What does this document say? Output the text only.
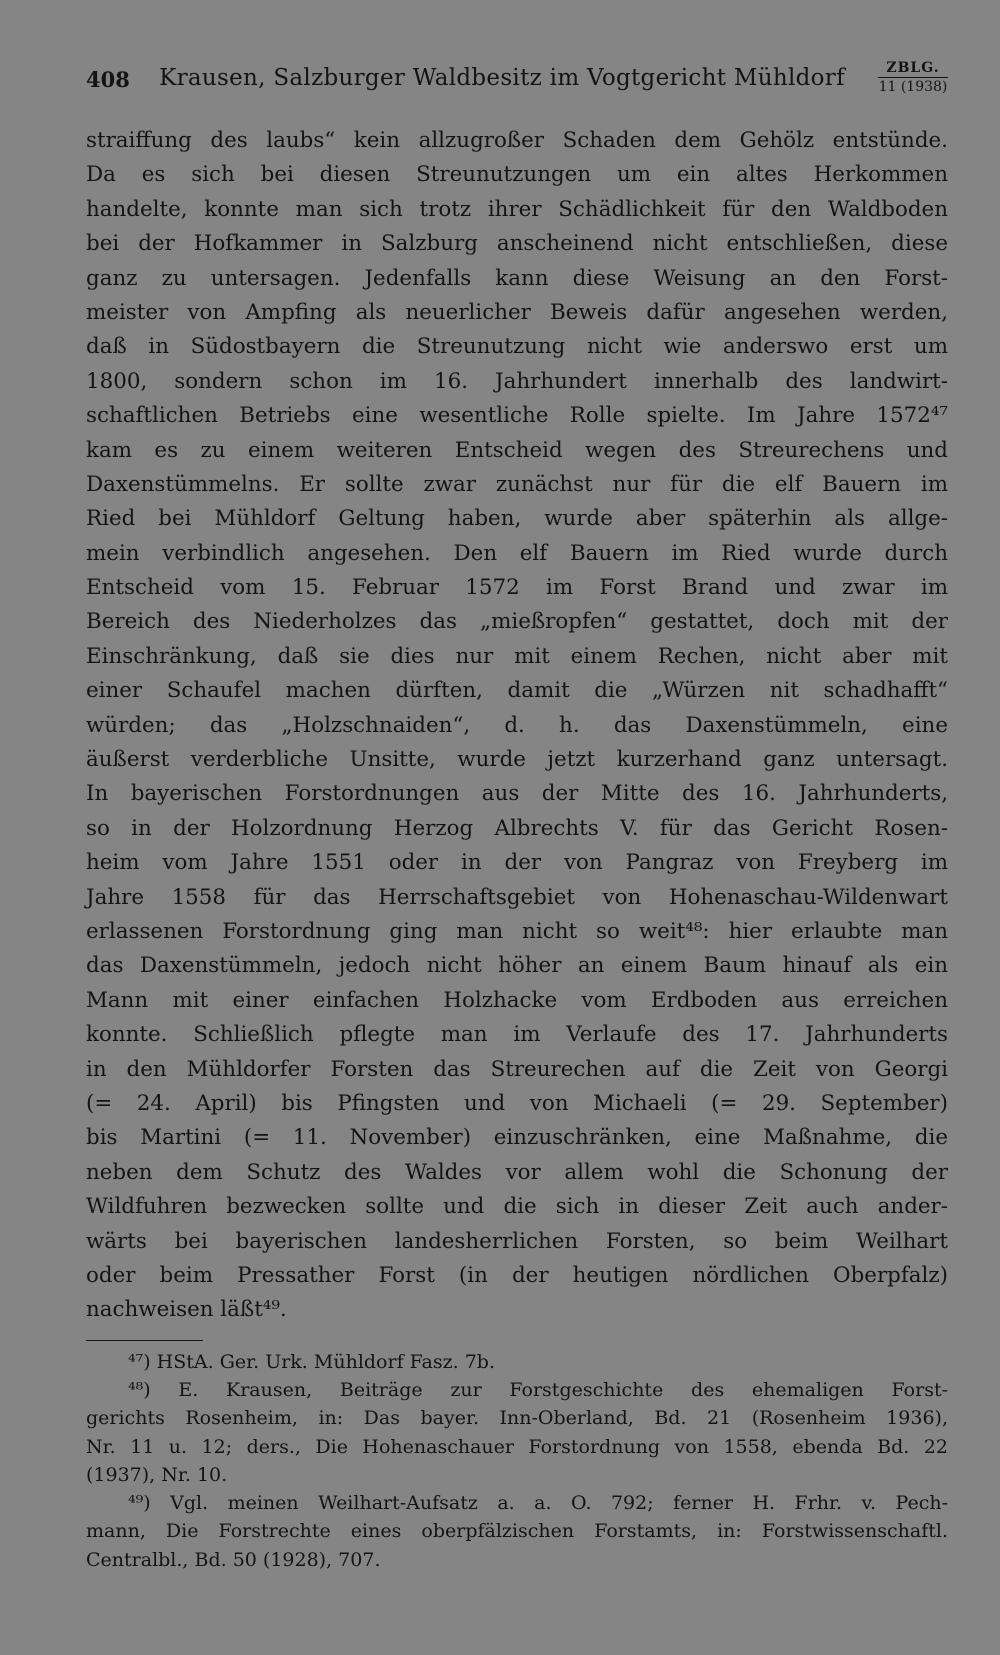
408	Krausen, Salzburger Waldbesitz im Vogtgericht Mühldorf	ZBLG.
11 (1938)
straiffung des laubs“ kein allzugroßer Schaden dem Gehölz entstünde.
Da es sich bei diesen Streunutzungen um ein altes Herkommen
handelte, konnte man sich trotz ihrer Schädlichkeit für den Waldboden
bei der Hofkammer in Salzburg anscheinend nicht entschließen, diese
ganz zu untersagen. Jedenfalls kann diese Weisung an den Forst-
meister von Ampfing als neuerlicher Beweis dafür angesehen werden,
daß in Südostbayern die Streunutzung nicht wie anderswo erst um
1800, sondern schon im 16. Jahrhundert innerhalb des landwirt-
schaftlichen Betriebs eine wesentliche Rolle spielte. Im Jahre 1572⁴⁷
kam es zu einem weiteren Entscheid wegen des Streurechens und
Daxenstümmelns. Er sollte zwar zunächst nur für die elf Bauern im
Ried bei Mühldorf Geltung haben, wurde aber späterhin als allge-
mein verbindlich angesehen. Den elf Bauern im Ried wurde durch
Entscheid vom 15. Februar 1572 im Forst Brand und zwar im
Bereich des Niederholzes das „mießropfen“ gestattet, doch mit der
Einschränkung, daß sie dies nur mit einem Rechen, nicht aber mit
einer Schaufel machen dürften, damit die „Würzen nit schadhafft“
würden; das „Holzschnaiden“, d. h. das Daxenstümmeln, eine
äußerst verderbliche Unsitte, wurde jetzt kurzerhand ganz untersagt.
In bayerischen Forstordnungen aus der Mitte des 16. Jahrhunderts,
so in der Holzordnung Herzog Albrechts V. für das Gericht Rosen-
heim vom Jahre 1551 oder in der von Pangraz von Freyberg im
Jahre 1558 für das Herrschaftsgebiet von Hohenaschau-Wildenwart
erlassenen Forstordnung ging man nicht so weit⁴⁸: hier erlaubte man
das Daxenstümmeln, jedoch nicht höher an einem Baum hinauf als ein
Mann mit einer einfachen Holzhacke vom Erdboden aus erreichen
konnte. Schließlich pflegte man im Verlaufe des 17. Jahrhunderts
in den Mühldorfer Forsten das Streurechen auf die Zeit von Georgi
(= 24. April) bis Pfingsten und von Michaeli (= 29. September)
bis Martini (= 11. November) einzuschränken, eine Maßnahme, die
neben dem Schutz des Waldes vor allem wohl die Schonung der
Wildfuhren bezwecken sollte und die sich in dieser Zeit auch ander-
wärts bei bayerischen landesherrlichen Forsten, so beim Weilhart
oder beim Pressather Forst (in der heutigen nördlichen Oberpfalz)
nachweisen läßt⁴⁹.
⁴⁷) HStA. Ger. Urk. Mühldorf Fasz. 7b.
⁴⁸) E. Krausen, Beiträge zur Forstgeschichte des ehemaligen Forst-
gerichts Rosenheim, in: Das bayer. Inn-Oberland, Bd. 21 (Rosenheim 1936),
Nr. 11 u. 12; ders., Die Hohenaschauer Forstordnung von 1558, ebenda Bd. 22
(1937), Nr. 10.
⁴⁹) Vgl. meinen Weilhart-Aufsatz a. a. O. 792; ferner H. Frhr. v. Pech-
mann, Die Forstrechte eines oberpfälzischen Forstamts, in: Forstwissenschaftl.
Centralbl., Bd. 50 (1928), 707.
